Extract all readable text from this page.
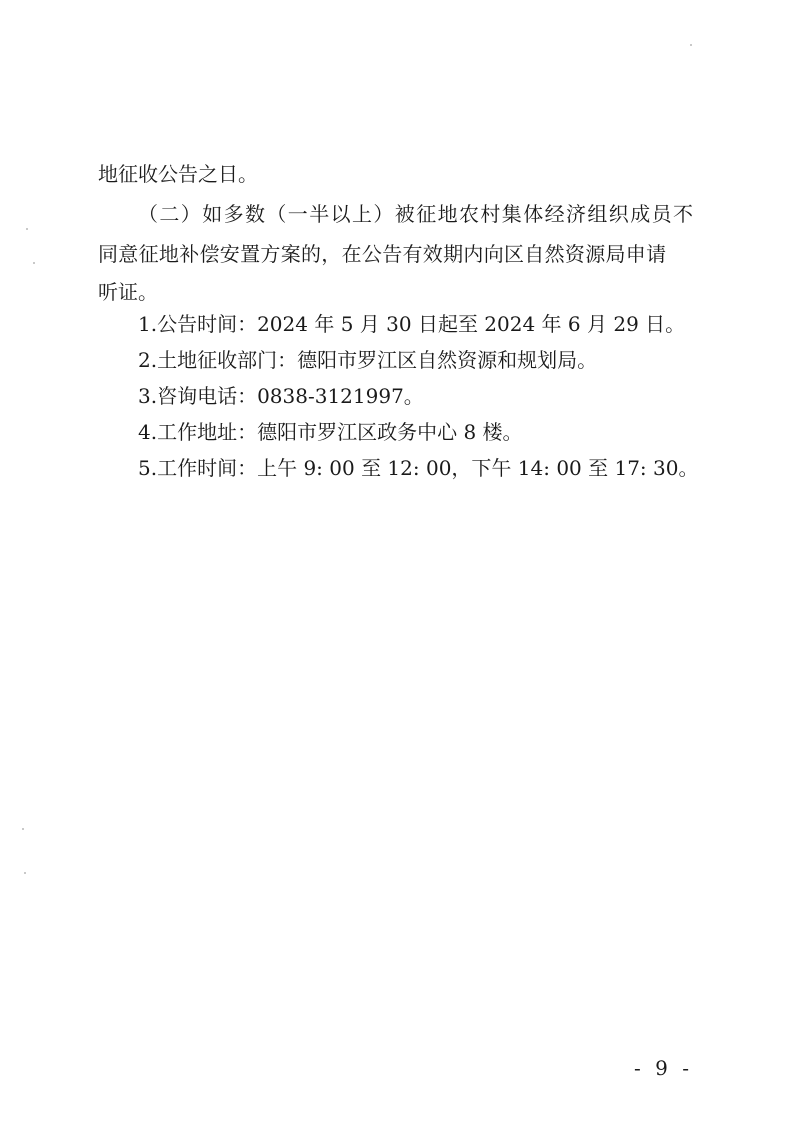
地征收公告之日。
（二）如多数（一半以上）被征地农村集体经济组织成员不
同意征地补偿安置方案的，在公告有效期内向区自然资源局申请
听证。
1.公告时间：2024 年 5 月 30 日起至 2024 年 6 月 29 日。
2.土地征收部门：德阳市罗江区自然资源和规划局。
3.咨询电话：0838-3121997。
4.工作地址：德阳市罗江区政务中心 8 楼。
5.工作时间：上午 9: 00 至 12: 00，下午 14: 00 至 17: 30。
- 9 -
